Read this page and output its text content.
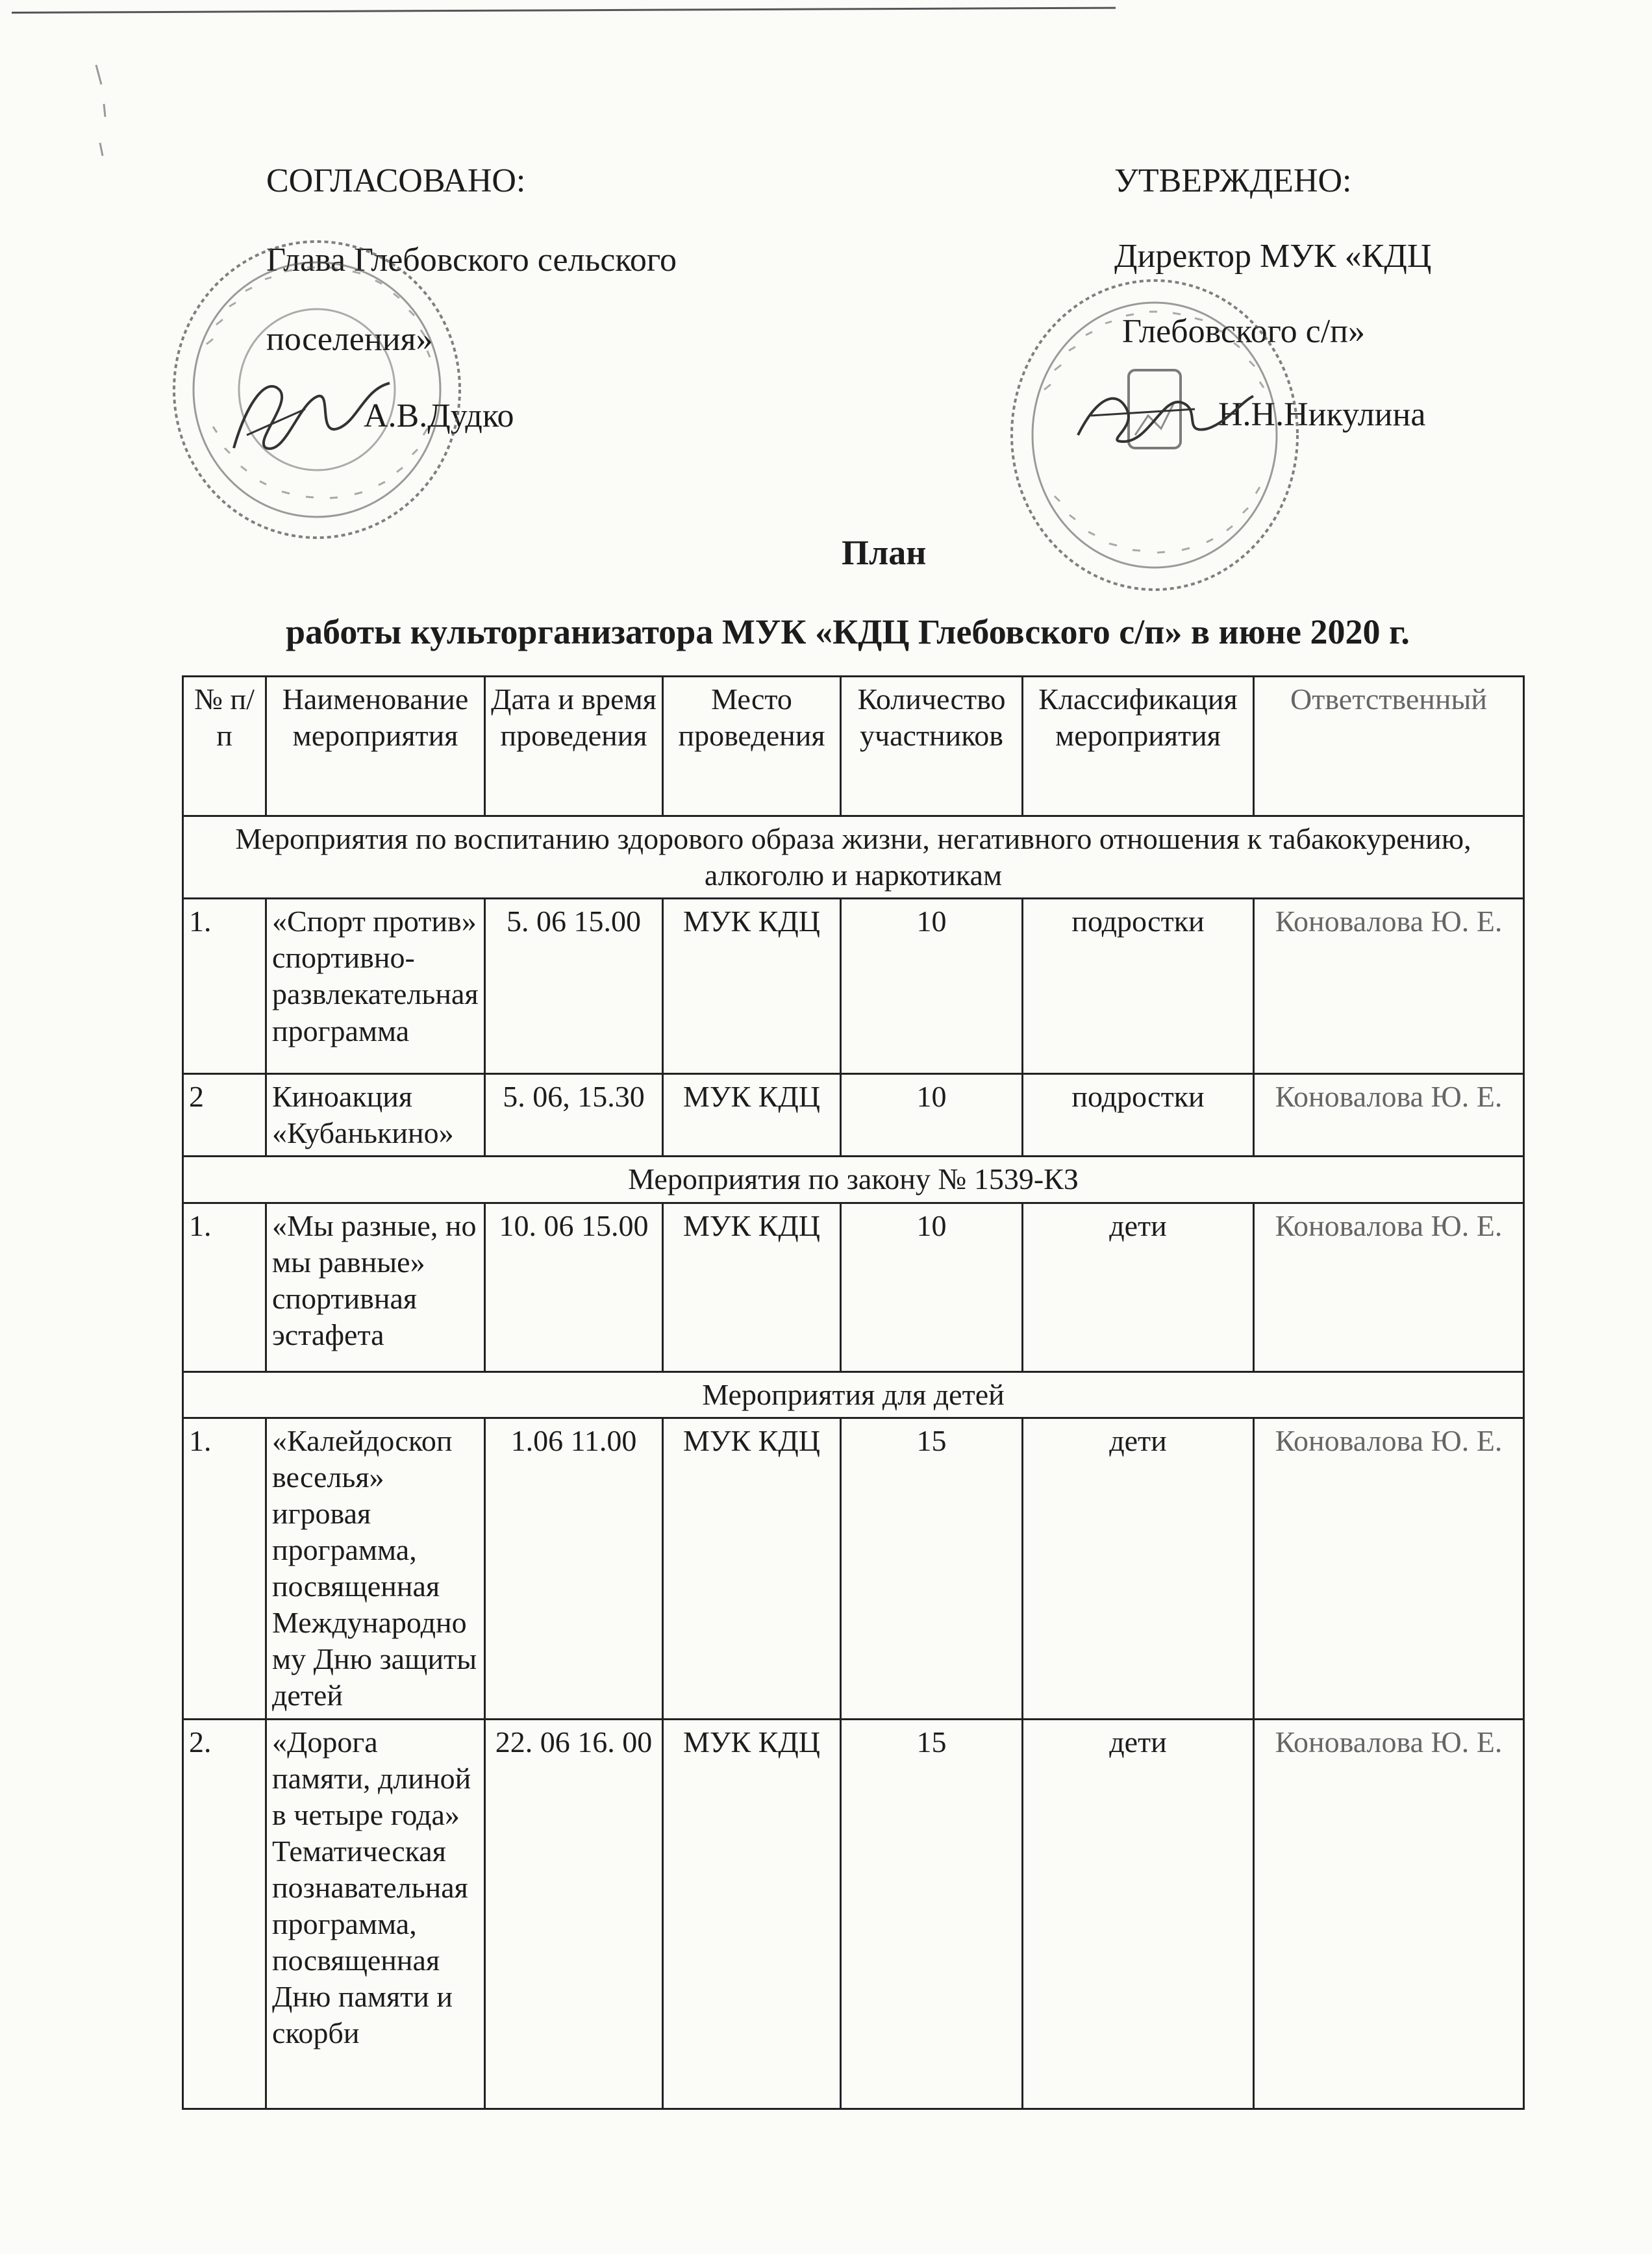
СОГЛАСОВАНО:
Глава Глебовского сельского
поселения»
А.В.Дудко
УТВЕРЖДЕНО:
Директор МУК «КДЦ
Глебовского с/п»
Н.Н.Никулина
План
работы культорганизатора МУК «КДЦ Глебовского с/п» в июне 2020 г.
№ п/п	Наименование мероприятия	Дата и время проведения	Место проведения	Количество участников	Классификация мероприятия	Ответственный
Мероприятия по воспитанию здорового образа жизни, негативного отношения к табакокурению, алкоголю и наркотикам						
1.	«Спорт против» спортивно-развлекательная программа	5. 06 15.00	МУК КДЦ	10	подростки	Коновалова Ю. Е.
2	Киноакция «Кубанькино»	5. 06, 15.30	МУК КДЦ	10	подростки	Коновалова Ю. Е.
Мероприятия по закону № 1539-КЗ						
1.	«Мы разные, но мы равные» спортивная эстафета	10. 06 15.00	МУК КДЦ	10	дети	Коновалова Ю. Е.
Мероприятия для детей						
1.	«Калейдоскоп веселья» игровая программа, посвященная Международному Дню защиты детей	1.06 11.00	МУК КДЦ	15	дети	Коновалова Ю. Е.
2.	«Дорога памяти, длиной в четыре года» Тематическая познавательная программа, посвященная Дню памяти и скорби	22. 06 16. 00	МУК КДЦ	15	дети	Коновалова Ю. Е.
